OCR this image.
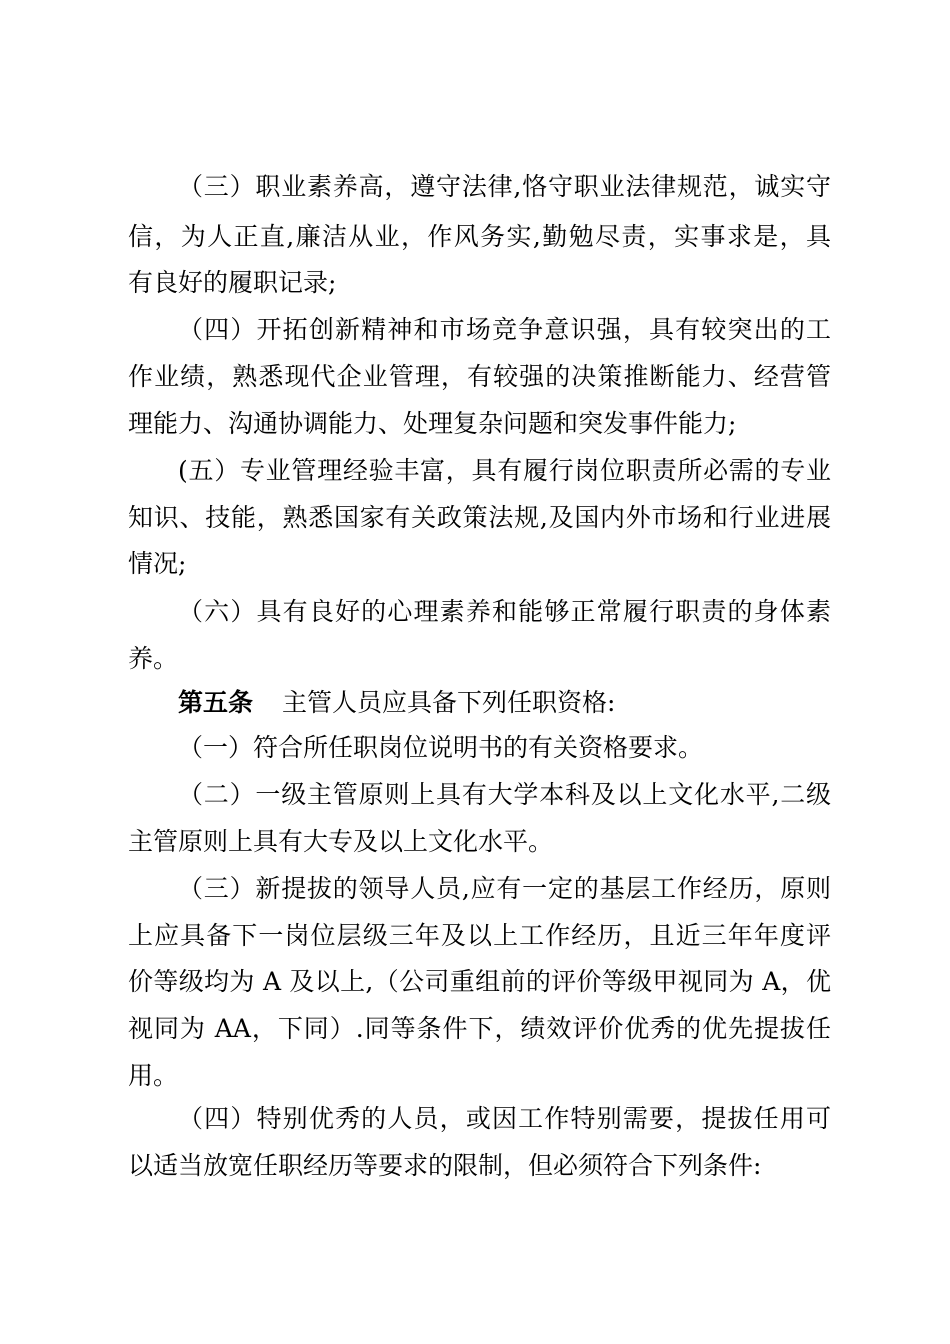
（三）职业素养高，遵守法律,恪守职业法律规范，诚实守
信，为人正直,廉洁从业，作风务实,勤勉尽责，实事求是，具
有良好的履职记录;
（四）开拓创新精神和市场竞争意识强，具有较突出的工
作业绩，熟悉现代企业管理，有较强的决策推断能力、经营管
理能力、沟通协调能力、处理复杂问题和突发事件能力;
(五）专业管理经验丰富，具有履行岗位职责所必需的专业
知识、技能，熟悉国家有关政策法规,及国内外市场和行业进展
情况;
（六）具有良好的心理素养和能够正常履行职责的身体素
养。
第五条 主管人员应具备下列任职资格:
（一）符合所任职岗位说明书的有关资格要求。
（二）一级主管原则上具有大学本科及以上文化水平,二级
主管原则上具有大专及以上文化水平。
（三）新提拔的领导人员,应有一定的基层工作经历，原则
上应具备下一岗位层级三年及以上工作经历，且近三年年度评
价等级均为 A 及以上,（公司重组前的评价等级甲视同为 A，优
视同为 AA，下同）.同等条件下，绩效评价优秀的优先提拔任
用。
（四）特别优秀的人员，或因工作特别需要，提拔任用可
以适当放宽任职经历等要求的限制，但必须符合下列条件:
